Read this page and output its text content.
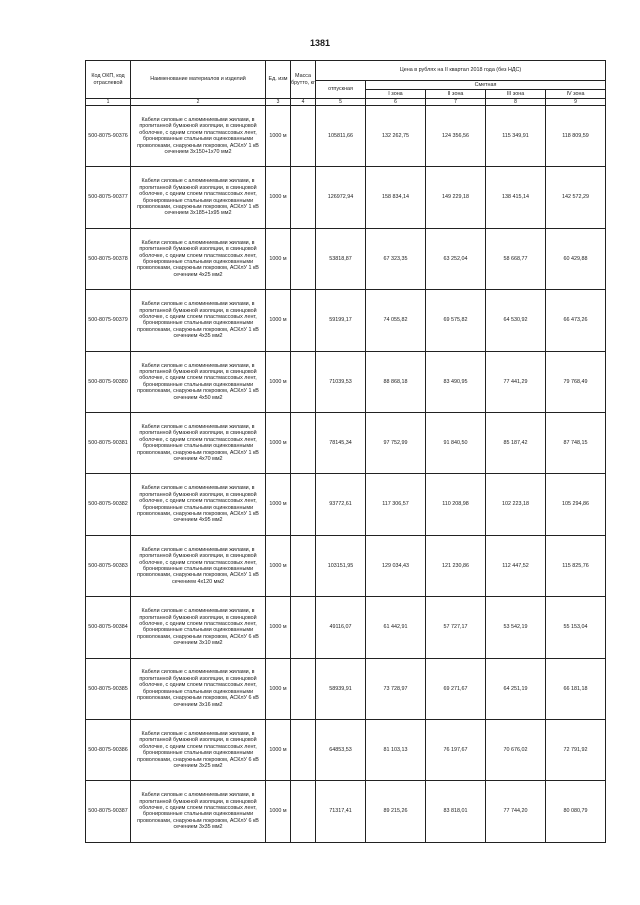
1381
Код ОКП, код отраслевой	Наименование материалов и изделий	Ед. изм	Масса брутто, кг	Цена в рублях на II квартал 2018 года (без НДС)				
				отпускная	Сметная			
					I зона	II зона	III зона	IV зона
1	2	3	4	5	6	7	8	9
500-8075-90376	Кабели силовые с алюминиевыми жилами, в пропитанной бумажной изоляции, в свинцовой оболочке, с одним слоем пластмассовых лент, бронированные стальными оцинкованными проволоками, снаружным покровом, АСКлУ 1 кВ сечением 3x150+1x70 мм2	1000 м		105811,66	132 262,75	124 356,56	115 349,91	118 809,59
500-8075-90377	Кабели силовые с алюминиевыми жилами, в пропитанной бумажной изоляции, в свинцовой оболочке, с одним слоем пластмассовых лент, бронированные стальными оцинкованными проволоками, снаружным покровом, АСКлУ 1 кВ сечением 3x185+1x95 мм2	1000 м		126972,94	158 834,14	149 229,18	138 415,14	142 572,29
500-8075-90378	Кабели силовые с алюминиевыми жилами, в пропитанной бумажной изоляции, в свинцовой оболочке, с одним слоем пластмассовых лент, бронированные стальными оцинкованными проволоками, снаружным покровом, АСКлУ 1 кВ сечением 4x25 мм2	1000 м		53818,87	67 323,35	63 252,04	58 668,77	60 429,88
500-8075-90379	Кабели силовые с алюминиевыми жилами, в пропитанной бумажной изоляции, в свинцовой оболочке, с одним слоем пластмассовых лент, бронированные стальными оцинкованными проволоками, снаружным покровом, АСКлУ 1 кВ сечением 4x35 мм2	1000 м		59199,17	74 055,82	69 575,82	64 530,92	66 473,26
500-8075-90380	Кабели силовые с алюминиевыми жилами, в пропитанной бумажной изоляции, в свинцовой оболочке, с одним слоем пластмассовых лент, бронированные стальными оцинкованными проволоками, снаружным покровом, АСКлУ 1 кВ сечением 4x50 мм2	1000 м		71039,53	88 868,18	83 490,95	77 441,29	79 768,49
500-8075-90381	Кабели силовые с алюминиевыми жилами, в пропитанной бумажной изоляции, в свинцовой оболочке, с одним слоем пластмассовых лент, бронированные стальными оцинкованными проволоками, снаружным покровом, АСКлУ 1 кВ сечением 4x70 мм2	1000 м		78145,34	97 752,99	91 840,50	85 187,42	87 748,15
500-8075-90382	Кабели силовые с алюминиевыми жилами, в пропитанной бумажной изоляции, в свинцовой оболочке, с одним слоем пластмассовых лент, бронированные стальными оцинкованными проволоками, снаружным покровом, АСКлУ 1 кВ сечением 4x95 мм2	1000 м		93772,61	117 306,57	110 208,98	102 223,18	105 294,86
500-8075-90383	Кабели силовые с алюминиевыми жилами, в пропитанной бумажной изоляции, в свинцовой оболочке, с одним слоем пластмассовых лент, бронированные стальными оцинкованными проволоками, снаружным покровом, АСКлУ 1 кВ сечением 4x120 мм2	1000 м		103151,95	129 034,43	121 230,86	112 447,52	115 825,76
500-8075-90384	Кабели силовые с алюминиевыми жилами, в пропитанной бумажной изоляции, в свинцовой оболочке, с одним слоем пластмассовых лент, бронированные стальными оцинкованными проволоками, снаружным покровом, АСКлУ 6 кВ сечением 3x10 мм2	1000 м		49116,07	61 442,91	57 727,17	53 542,19	55 153,04
500-8075-90385	Кабели силовые с алюминиевыми жилами, в пропитанной бумажной изоляции, в свинцовой оболочке, с одним слоем пластмассовых лент, бронированные стальными оцинкованными проволоками, снаружным покровом, АСКлУ 6 кВ сечением 3x16 мм2	1000 м		58939,91	73 728,97	69 271,67	64 251,19	66 181,18
500-8075-90386	Кабели силовые с алюминиевыми жилами, в пропитанной бумажной изоляции, в свинцовой оболочке, с одним слоем пластмассовых лент, бронированные стальными оцинкованными проволоками, снаружным покровом, АСКлУ 6 кВ сечением 3x25 мм2	1000 м		64853,53	81 103,13	76 197,67	70 676,02	72 791,92
500-8075-90387	Кабели силовые с алюминиевыми жилами, в пропитанной бумажной изоляции, в свинцовой оболочке, с одним слоем пластмассовых лент, бронированные стальными оцинкованными проволоками, снаружным покровом, АСКлУ 6 кВ сечением 3x35 мм2	1000 м		71317,41	89 215,26	83 818,01	77 744,20	80 080,79
